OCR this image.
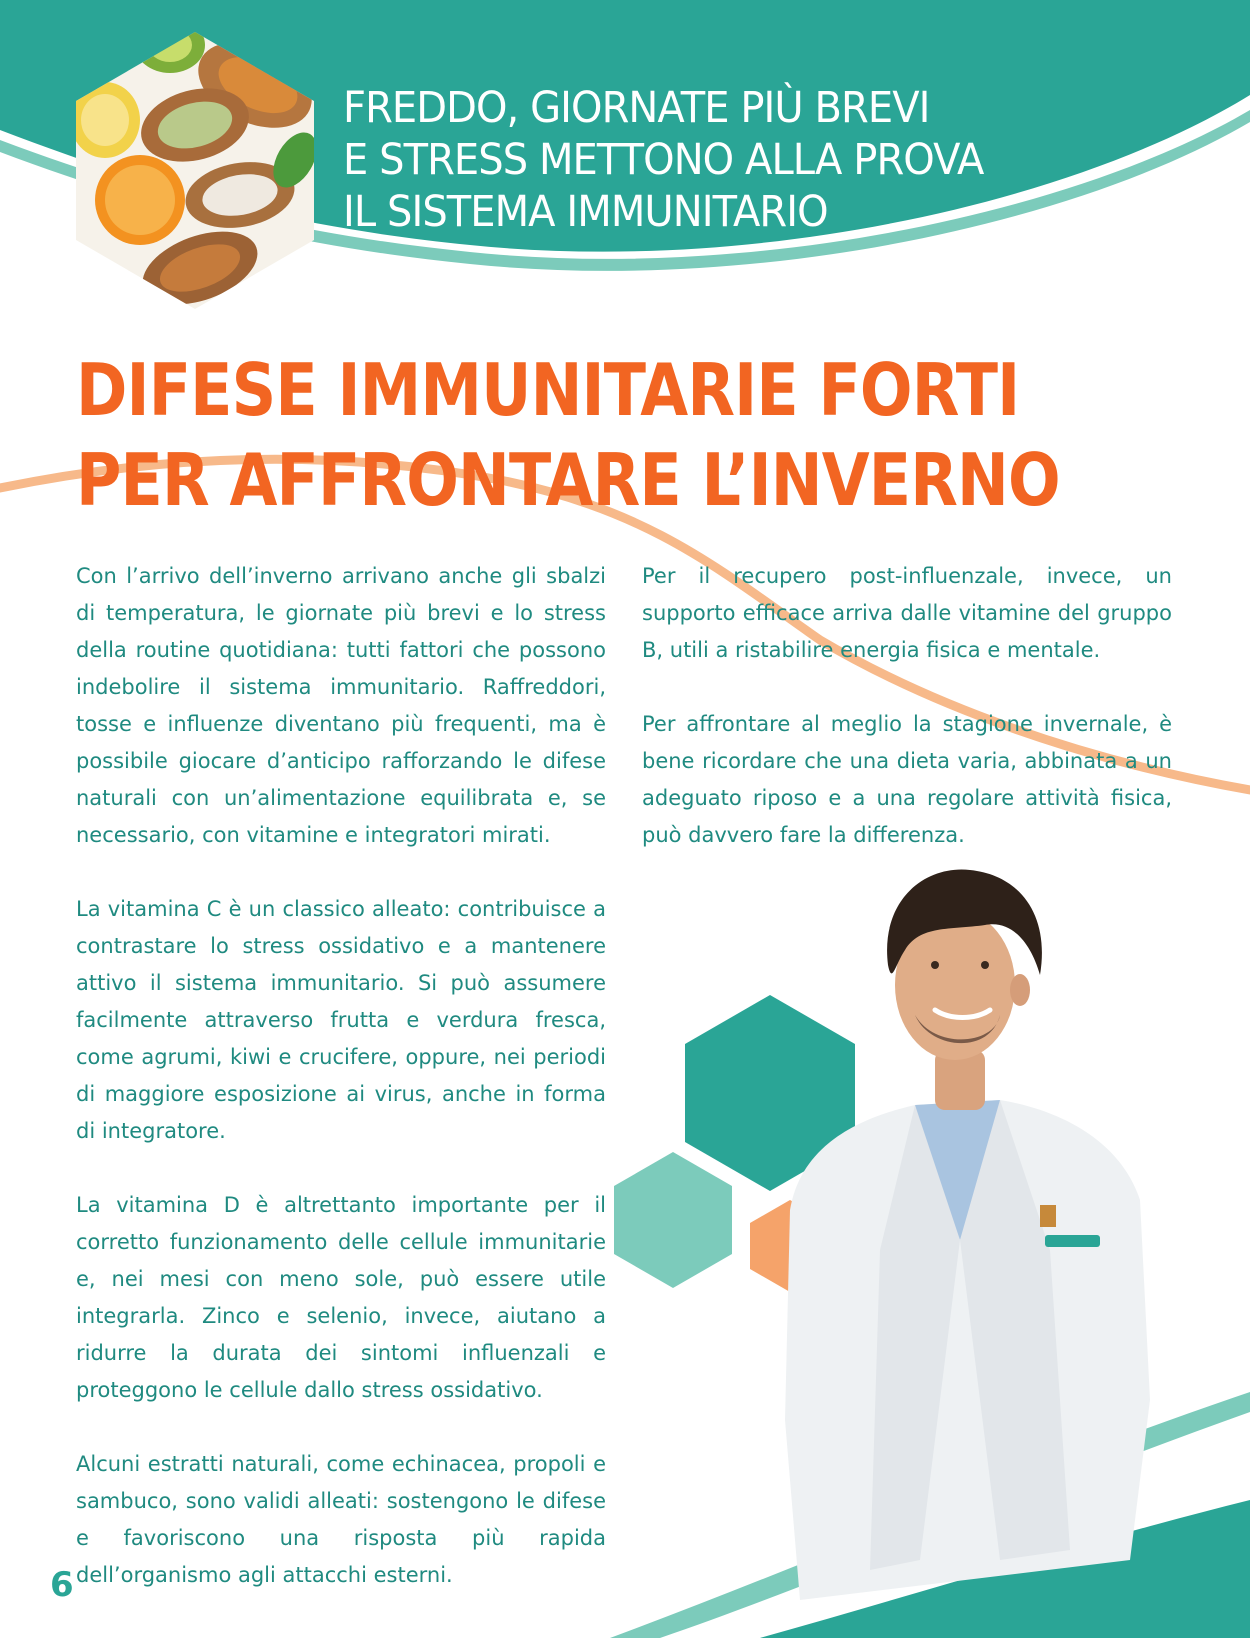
FREDDO, GIORNATE PIÙ BREVI
E STRESS METTONO ALLA PROVA
IL SISTEMA IMMUNITARIO
DIFESE IMMUNITARIE FORTI
PER AFFRONTARE L’INVERNO

Con l’arrivo dell’inverno arrivano anche gli sbalzi di temperatura, le giornate più brevi e lo stress della routine quotidiana: tutti fattori che possono indebolire il sistema immunitario. Raffreddori, tosse e influenze diventano più frequenti, ma è possibile giocare d’anticipo rafforzando le difese naturali con un’alimentazione equilibrata e, se necessario, con vitamine e integratori mirati.

La vitamina C è un classico alleato: contribuisce a contrastare lo stress ossidativo e a mantenere attivo il sistema immunitario. Si può assumere facilmente attraverso frutta e verdura fresca, come agrumi, kiwi e crucifere, oppure, nei periodi di maggiore esposizione ai virus, anche in forma di integratore.

La vitamina D è altrettanto importante per il corretto funzionamento delle cellule immunitarie e, nei mesi con meno sole, può essere utile integrarla. Zinco e selenio, invece, aiutano a ridurre la durata dei sintomi influenzali e proteggono le cellule dallo stress ossidativo.

Alcuni estratti naturali, come echinacea, propoli e sambuco, sono validi alleati: sostengono le difese e favoriscono una risposta più rapida dell’organismo agli attacchi esterni.

Per il recupero post-influenzale, invece, un supporto efficace arriva dalle vitamine del gruppo B, utili a ristabilire energia fisica e mentale.

Per affrontare al meglio la stagione invernale, è bene ricordare che una dieta varia, abbinata a un adeguato riposo e a una regolare attività fisica, può davvero fare la differenza.

6
